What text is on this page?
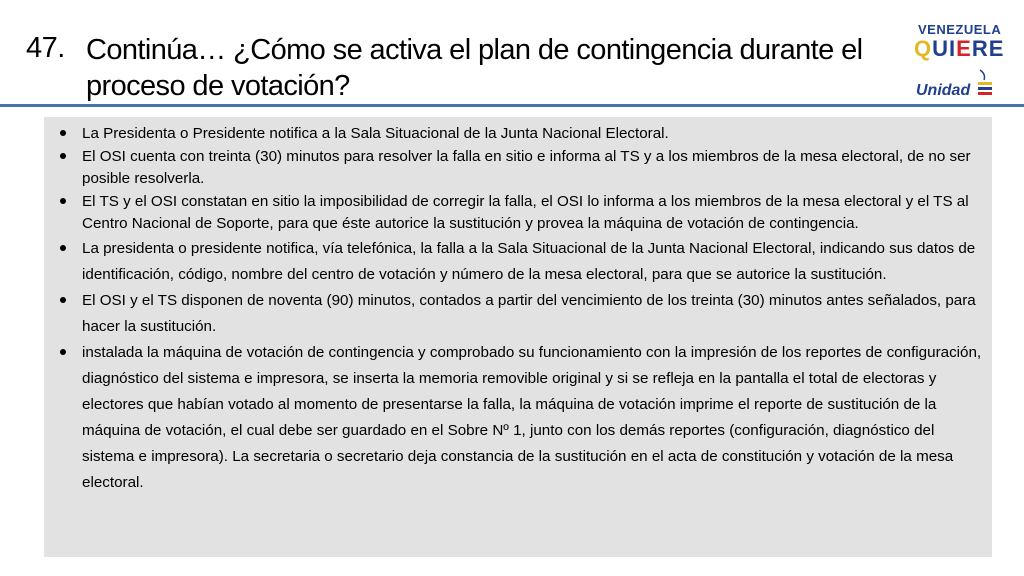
47. Continúa… ¿Cómo se activa el plan de contingencia durante el proceso de votación?
VENEZUELA
QUIERE
Unidad
La Presidenta o Presidente notifica a la Sala Situacional de la Junta Nacional Electoral.
El OSI cuenta con treinta (30) minutos para resolver la falla en sitio e informa al TS y a los miembros de la mesa electoral, de no ser posible resolverla.
El TS y el OSI constatan en sitio la imposibilidad de corregir la falla, el OSI lo informa a los miembros de la mesa electoral y el TS al Centro Nacional de Soporte, para que éste autorice la sustitución y provea la máquina de votación de contingencia.
La presidenta o presidente notifica, vía telefónica, la falla a la Sala Situacional de la Junta Nacional Electoral, indicando sus datos de identificación, código, nombre del centro de votación y número de la mesa electoral, para que se autorice la sustitución.
El OSI y el TS disponen de noventa (90) minutos, contados a partir del vencimiento de los treinta (30) minutos antes señalados, para hacer la sustitución.
instalada la máquina de votación de contingencia y comprobado su funcionamiento con la impresión de los reportes de configuración, diagnóstico del sistema e impresora, se inserta la memoria removible original y si se refleja en la pantalla el total de electoras y electores que habían votado al momento de presentarse la falla, la máquina de votación imprime el reporte de sustitución de la máquina de votación, el cual debe ser guardado en el Sobre Nº 1, junto con los demás reportes (configuración, diagnóstico del sistema e impresora). La secretaria o secretario deja constancia de la sustitución en el acta de constitución y votación de la mesa electoral.
